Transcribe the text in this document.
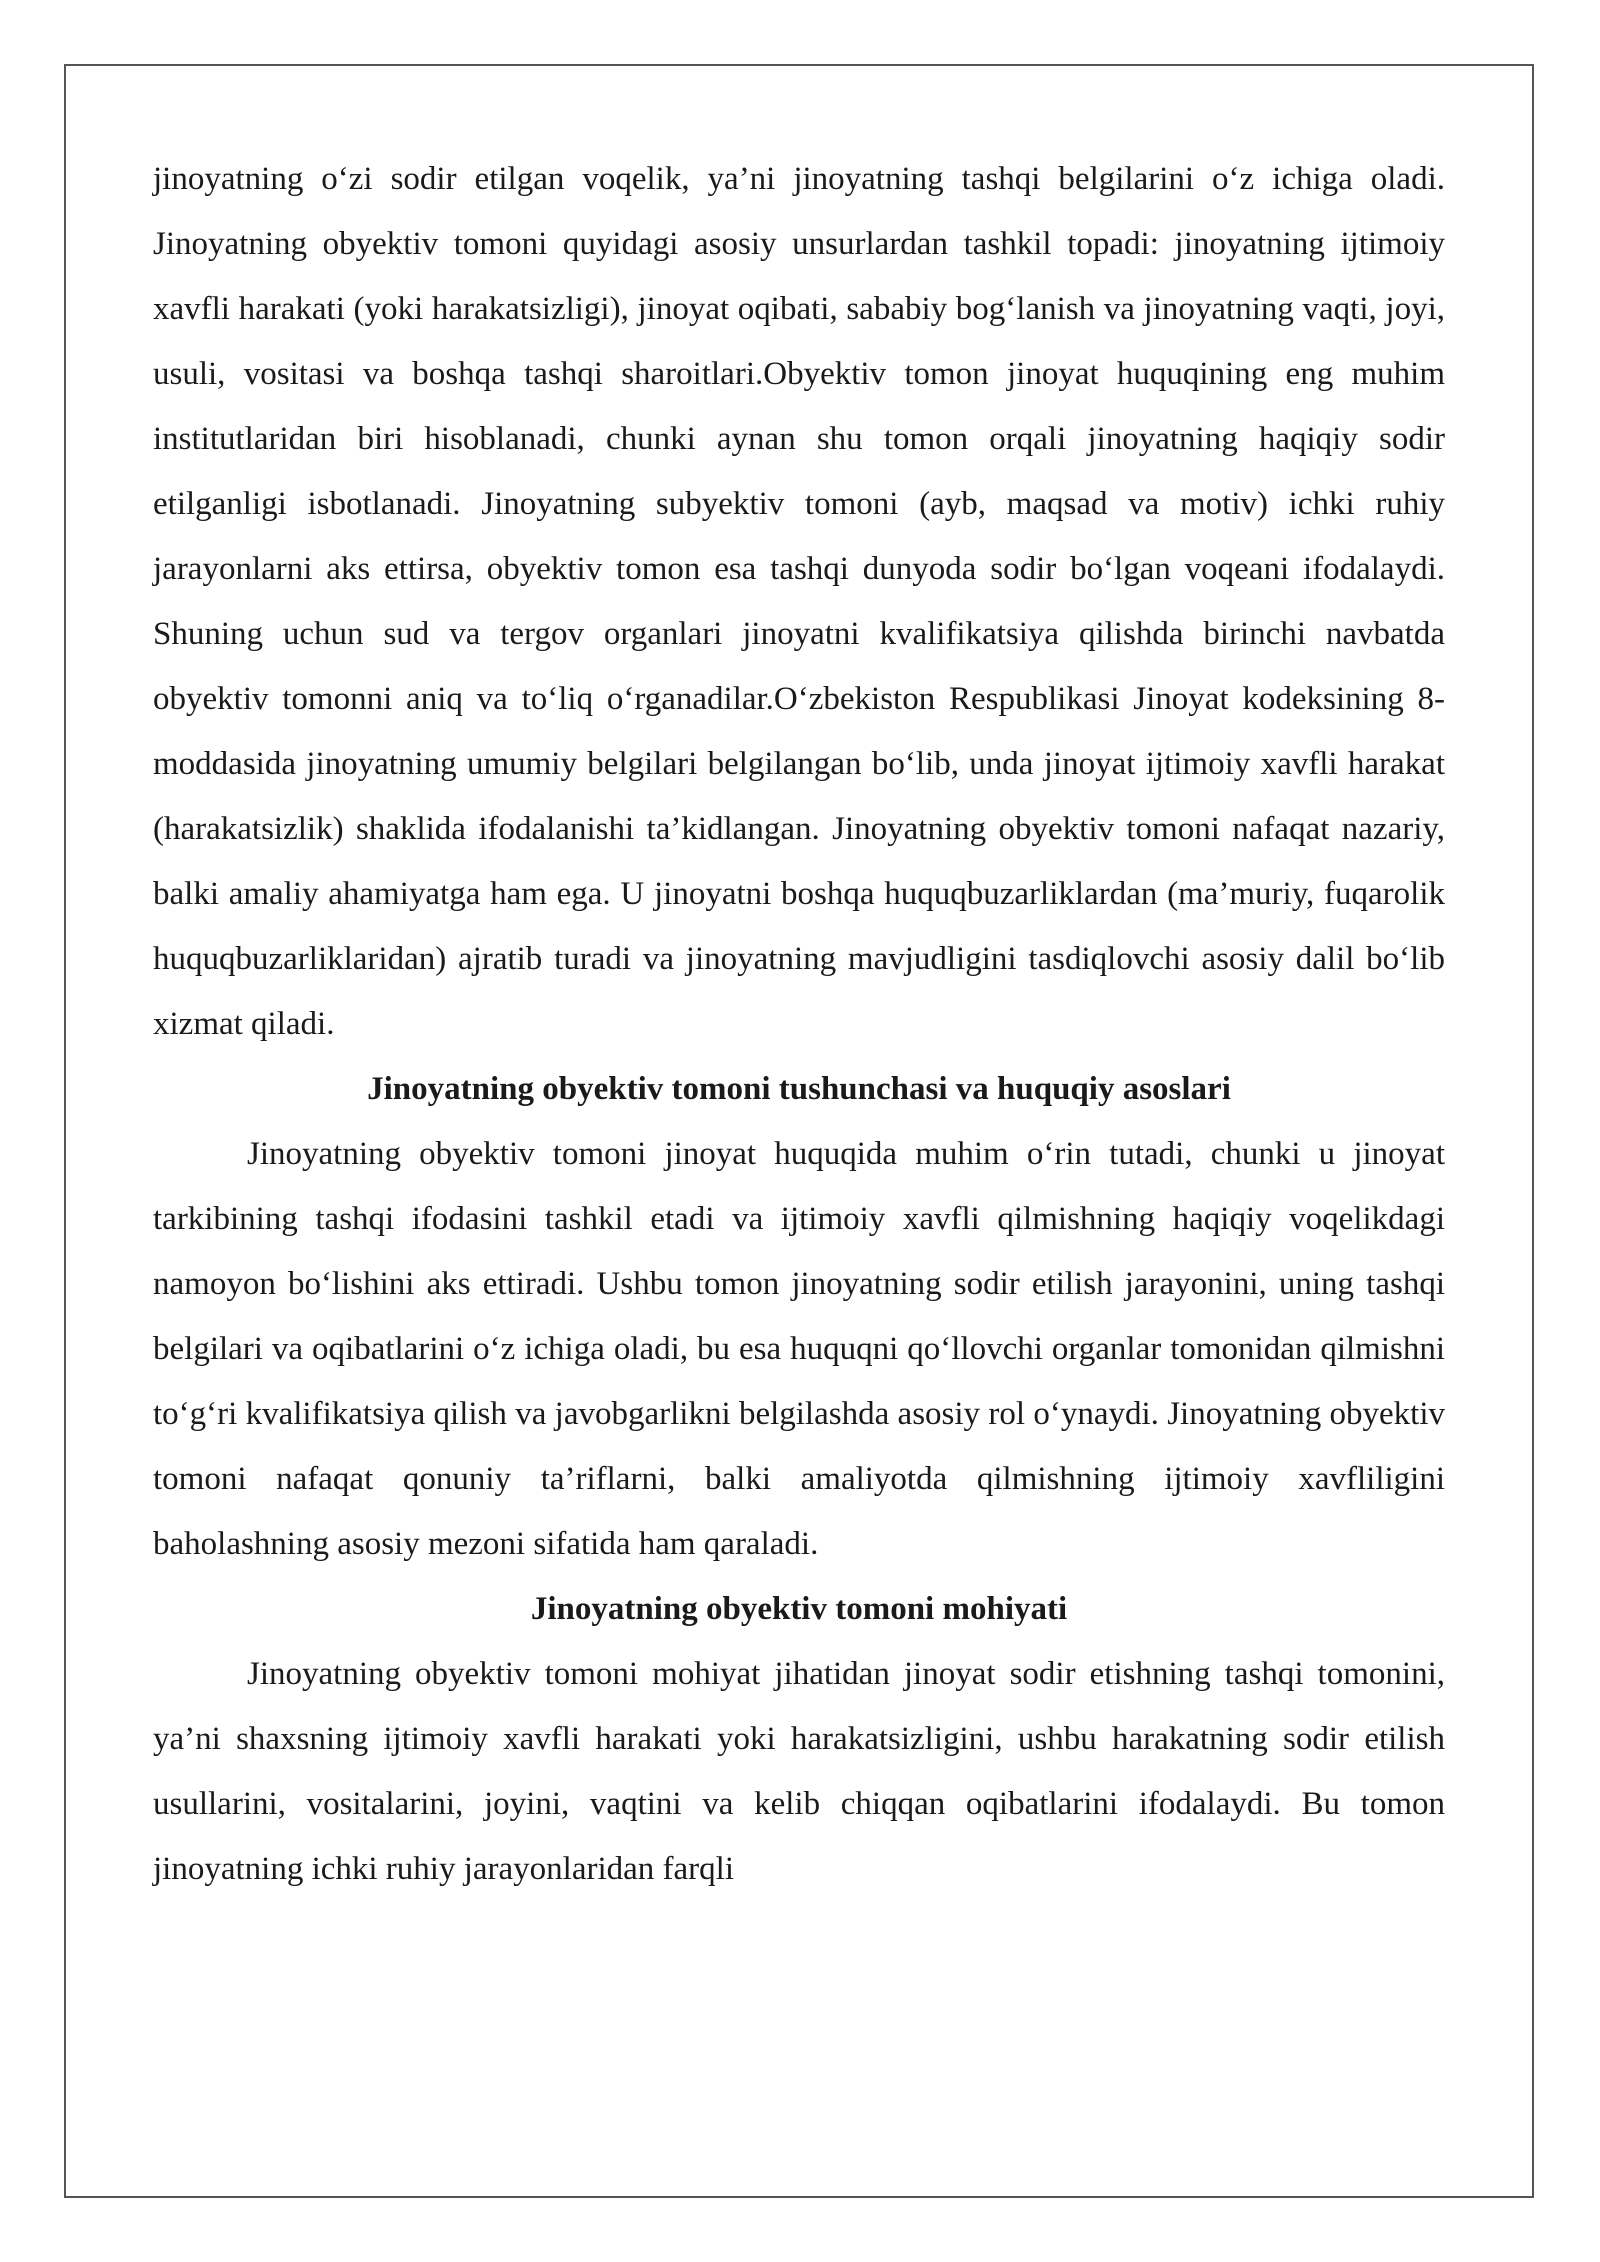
jinoyatning o‘zi sodir etilgan voqelik, ya’ni jinoyatning tashqi belgilarini o‘z ichiga oladi. Jinoyatning obyektiv tomoni quyidagi asosiy unsurlardan tashkil topadi: jinoyatning ijtimoiy xavfli harakati (yoki harakatsizligi), jinoyat oqibati, sababiy bog‘lanish va jinoyatning vaqti, joyi, usuli, vositasi va boshqa tashqi sharoitlari.Obyektiv tomon jinoyat huquqining eng muhim institutlaridan biri hisoblanadi, chunki aynan shu tomon orqali jinoyatning haqiqiy sodir etilganligi isbotlanadi. Jinoyatning subyektiv tomoni (ayb, maqsad va motiv) ichki ruhiy jarayonlarni aks ettirsa, obyektiv tomon esa tashqi dunyoda sodir bo‘lgan voqeani ifodalaydi. Shuning uchun sud va tergov organlari jinoyatni kvalifikatsiya qilishda birinchi navbatda obyektiv tomonni aniq va to‘liq o‘rganadilar.O‘zbekiston Respublikasi Jinoyat kodeksining 8-moddasida jinoyatning umumiy belgilari belgilangan bo‘lib, unda jinoyat ijtimoiy xavfli harakat (harakatsizlik) shaklida ifodalanishi ta’kidlangan. Jinoyatning obyektiv tomoni nafaqat nazariy, balki amaliy ahamiyatga ham ega. U jinoyatni boshqa huquqbuzarliklardan (ma’muriy, fuqarolik huquqbuzarliklaridan) ajratib turadi va jinoyatning mavjudligini tasdiqlovchi asosiy dalil bo‘lib xizmat qiladi.

Jinoyatning obyektiv tomoni tushunchasi va huquqiy asoslari

Jinoyatning obyektiv tomoni jinoyat huquqida muhim o‘rin tutadi, chunki u jinoyat tarkibining tashqi ifodasini tashkil etadi va ijtimoiy xavfli qilmishning haqiqiy voqelikdagi namoyon bo‘lishini aks ettiradi. Ushbu tomon jinoyatning sodir etilish jarayonini, uning tashqi belgilari va oqibatlarini o‘z ichiga oladi, bu esa huquqni qo‘llovchi organlar tomonidan qilmishni to‘g‘ri kvalifikatsiya qilish va javobgarlikni belgilashda asosiy rol o‘ynaydi. Jinoyatning obyektiv tomoni nafaqat qonuniy ta’riflarni, balki amaliyotda qilmishning ijtimoiy xavfliligini baholashning asosiy mezoni sifatida ham qaraladi.

Jinoyatning obyektiv tomoni mohiyati

Jinoyatning obyektiv tomoni mohiyat jihatidan jinoyat sodir etishning tashqi tomonini, ya’ni shaxsning ijtimoiy xavfli harakati yoki harakatsizligini, ushbu harakatning sodir etilish usullarini, vositalarini, joyini, vaqtini va kelib chiqqan oqibatlarini ifodalaydi. Bu tomon jinoyatning ichki ruhiy jarayonlaridan farqli
